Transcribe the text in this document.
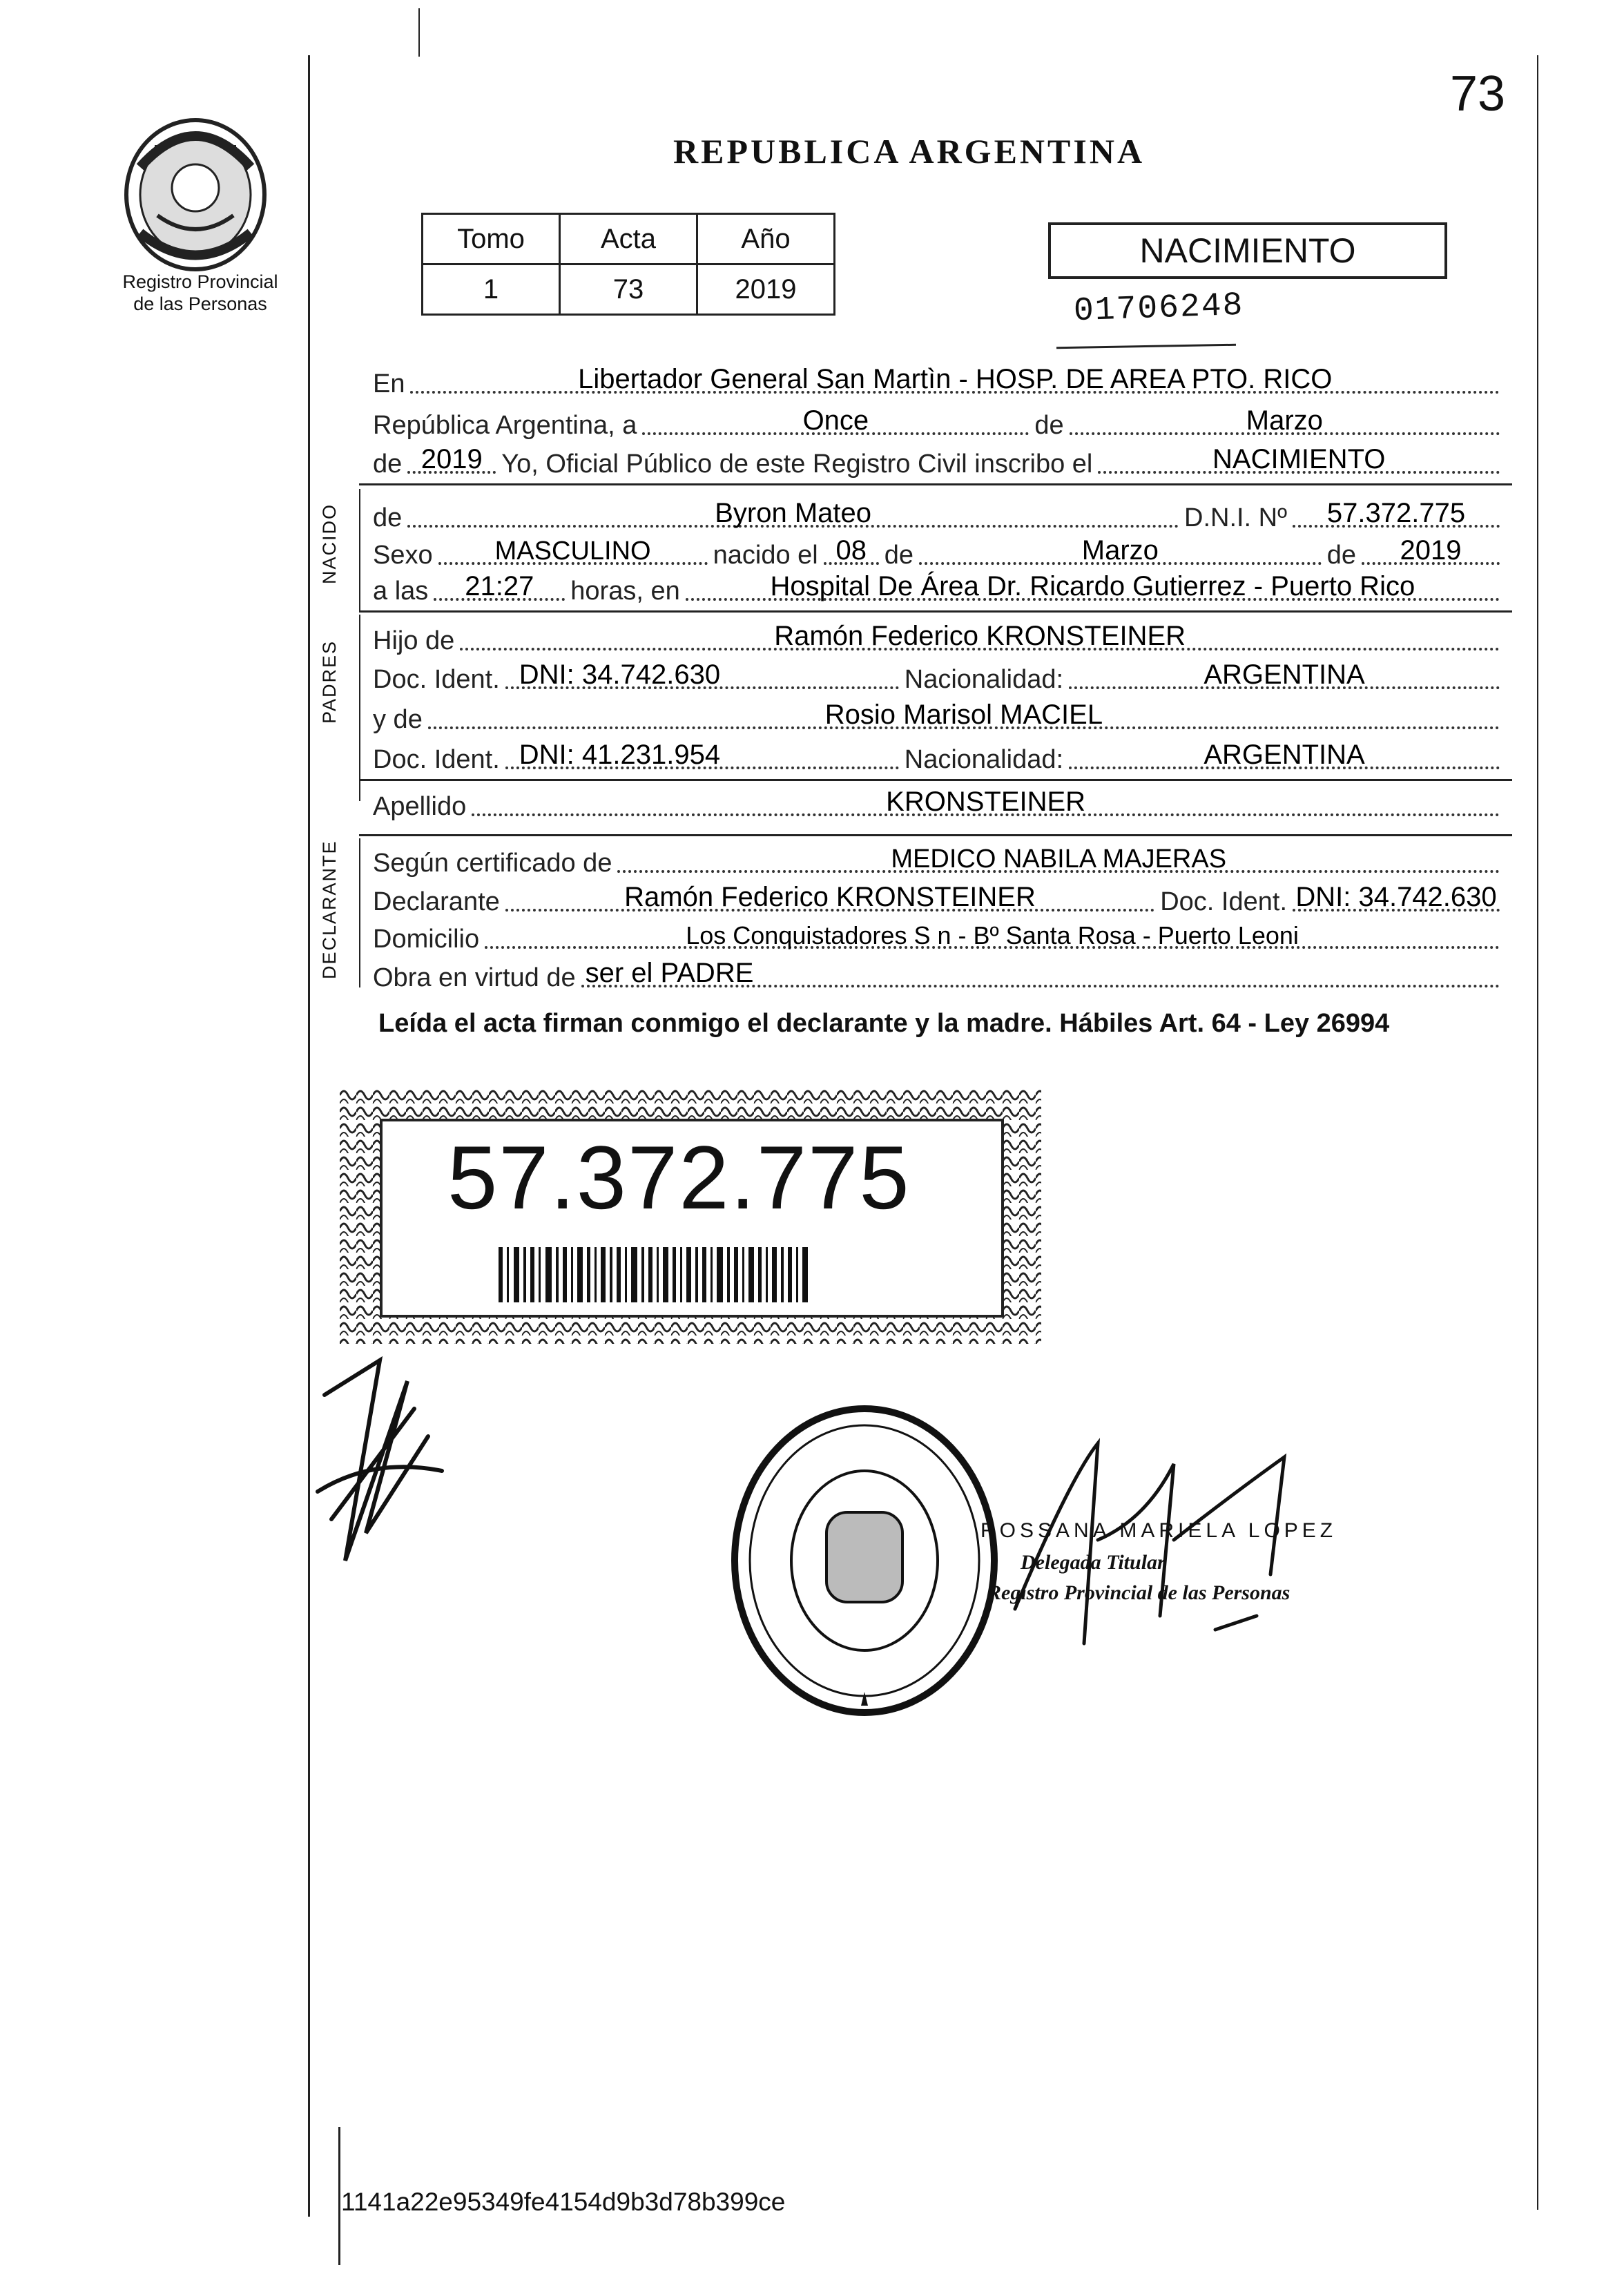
73
REPUBLICA ARGENTINA
Registro Provincial
de las Personas
Tomo	Acta	Año
1	73	2019
NACIMIENTO
01706248
En	Libertador General San Martìn - HOSP. DE AREA PTO. RICO
República Argentina, a	Once	de	Marzo
de 2019 Yo, Oficial Público de este Registro Civil inscribo el	NACIMIENTO
NACIDO de	Byron Mateo	D.N.I. Nº	57.372.775
Sexo	MASCULINO	nacido el 08 de	Marzo	de	2019
a las	21:27	horas, en	Hospital De Área Dr. Ricardo Gutierrez - Puerto Rico
PADRES Hijo de	Ramón Federico KRONSTEINER
Doc. Ident. DNI: 34.742.630	Nacionalidad:	ARGENTINA
y de	Rosio Marisol MACIEL
Doc. Ident. DNI: 41.231.954	Nacionalidad:	ARGENTINA
Apellido	KRONSTEINER
DECLARANTE Según certificado de	MEDICO NABILA MAJERAS
Declarante	Ramón Federico KRONSTEINER	Doc. Ident. DNI: 34.742.630
Domicilio	Los Conquistadores S n - Bº Santa Rosa - Puerto Leoni
Obra en virtud de ser el PADRE
Leída el acta firman conmigo el declarante y la madre. Hábiles Art. 64 - Ley 26994
57.372.775
ROSSANA MARIELA LOPEZ
Delegada Titular
Registro Provincial de las Personas
1141a22e95349fe4154d9b3d78b399ce
